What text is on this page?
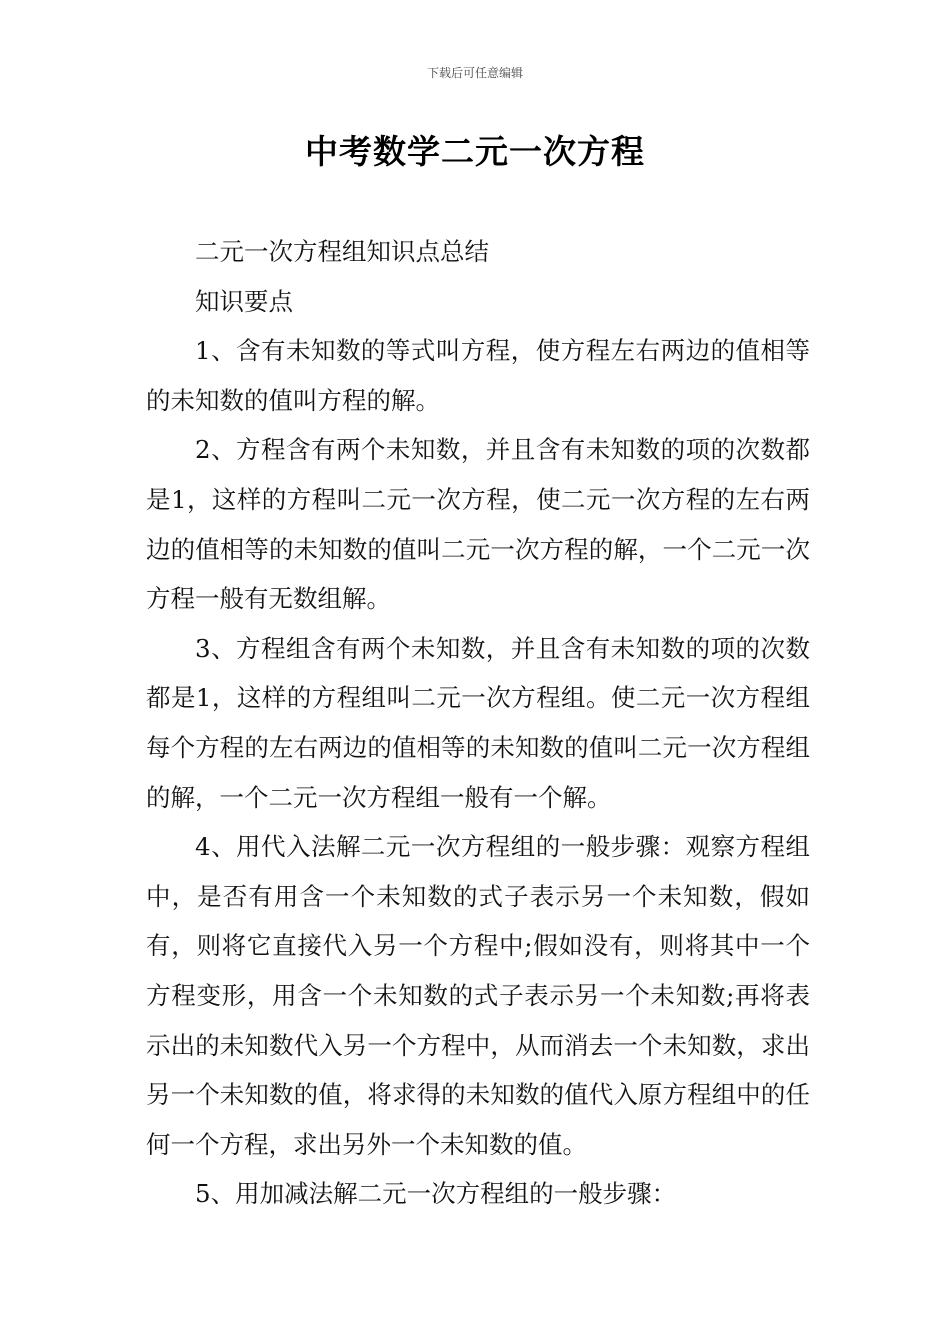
下载后可任意编辑
中考数学二元一次方程

二元一次方程组知识点总结

知识要点

1、含有未知数的等式叫方程，使方程左右两边的值相等的未知数的值叫方程的解。

2、方程含有两个未知数，并且含有未知数的项的次数都是1，这样的方程叫二元一次方程，使二元一次方程的左右两边的值相等的未知数的值叫二元一次方程的解，一个二元一次方程一般有无数组解。

3、方程组含有两个未知数，并且含有未知数的项的次数都是1，这样的方程组叫二元一次方程组。使二元一次方程组每个方程的左右两边的值相等的未知数的值叫二元一次方程组的解，一个二元一次方程组一般有一个解。

4、用代入法解二元一次方程组的一般步骤：观察方程组中，是否有用含一个未知数的式子表示另一个未知数，假如有，则将它直接代入另一个方程中;假如没有，则将其中一个方程变形，用含一个未知数的式子表示另一个未知数;再将表示出的未知数代入另一个方程中，从而消去一个未知数，求出另一个未知数的值，将求得的未知数的值代入原方程组中的任何一个方程，求出另外一个未知数的值。

5、用加减法解二元一次方程组的一般步骤：
